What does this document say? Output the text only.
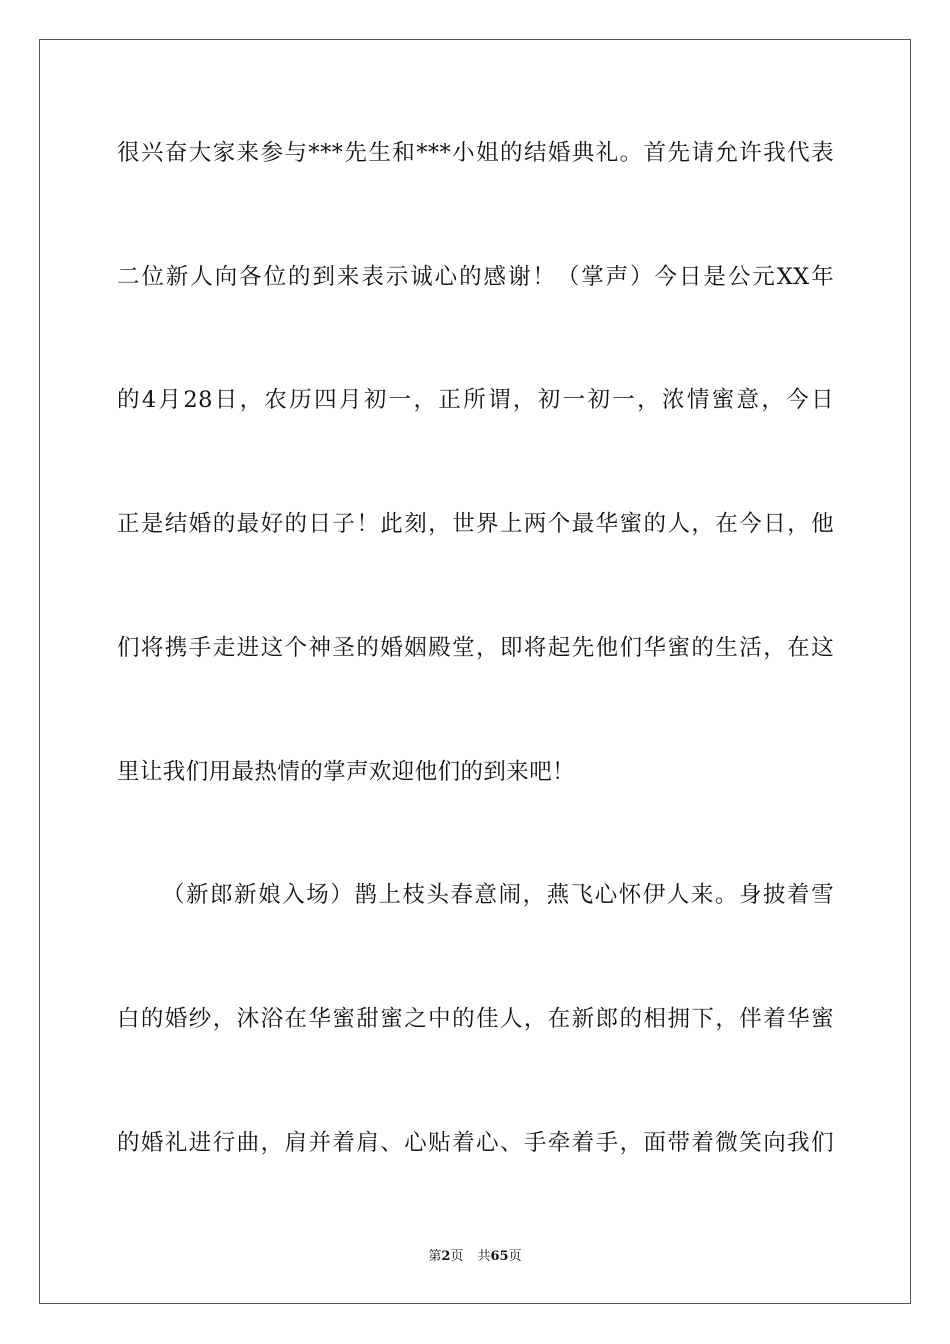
很兴奋大家来参与***先生和***小姐的结婚典礼。首先请允许我代表
二位新人向各位的到来表示诚心的感谢！（掌声）今日是公元XX年
的4月28日，农历四月初一，正所谓，初一初一，浓情蜜意，今日
正是结婚的最好的日子！此刻，世界上两个最华蜜的人，在今日，他
们将携手走进这个神圣的婚姻殿堂，即将起先他们华蜜的生活，在这
里让我们用最热情的掌声欢迎他们的到来吧！
（新郎新娘入场）鹊上枝头春意闹，燕飞心怀伊人来。身披着雪
白的婚纱，沐浴在华蜜甜蜜之中的佳人，在新郎的相拥下，伴着华蜜
的婚礼进行曲，肩并着肩、心贴着心、手牵着手，面带着微笑向我们
第2页 共65页
